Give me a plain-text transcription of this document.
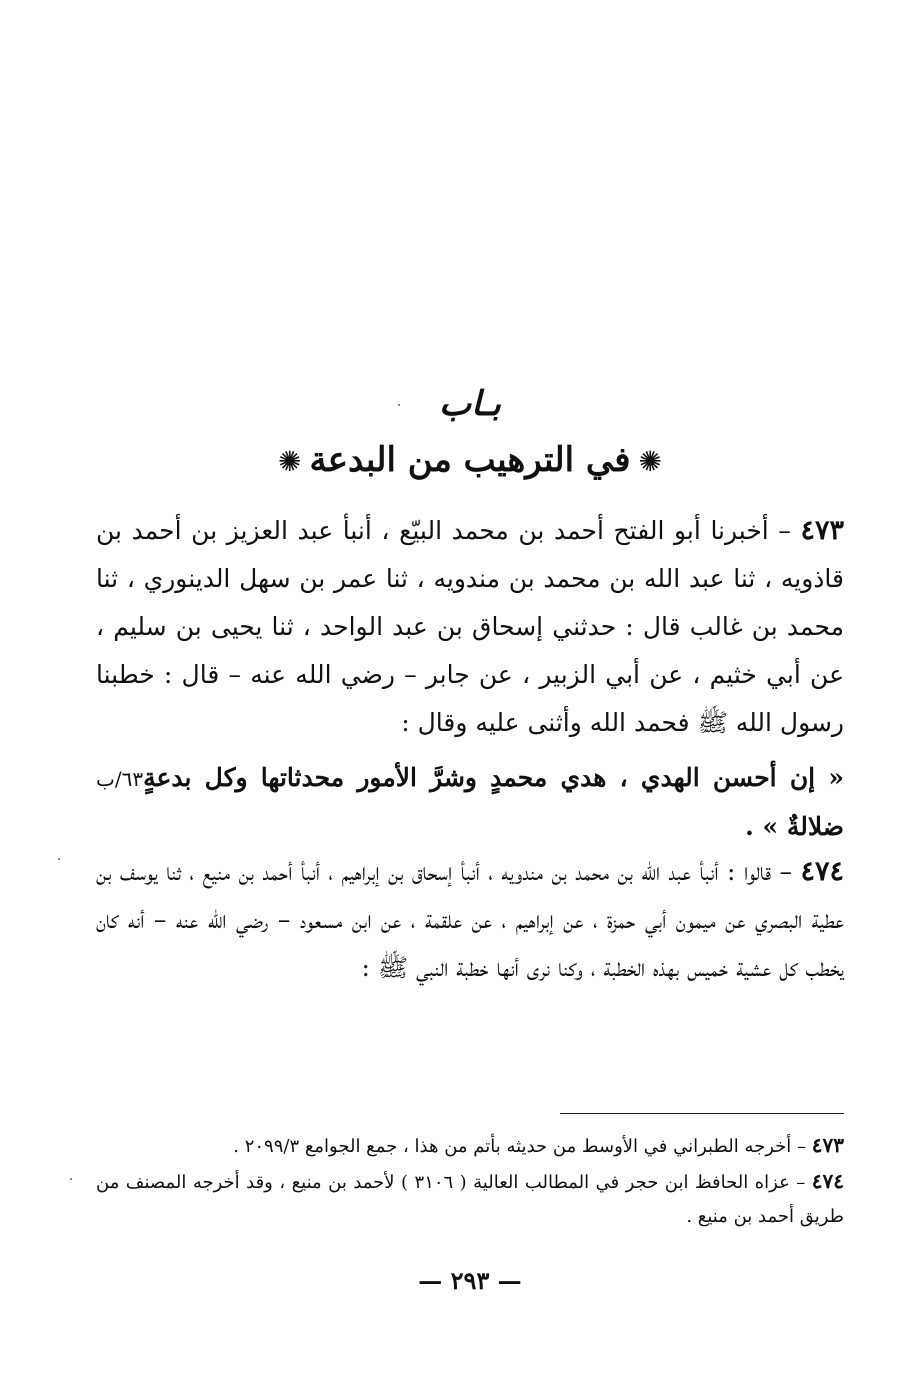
بـاب
✺في الترهيب من البدعة✺
٤٧٣ – أخبرنا أبو الفتح أحمد بن محمد البيّع ، أنبأ عبد العزيز بن أحمد بن قاذويه ، ثنا عبد الله بن محمد بن مندويه ، ثنا عمر بن سهل الدينوري ، ثنا محمد بن غالب قال : حدثني إسحاق بن عبد الواحد ، ثنا يحيى بن سليم ، عن أبي خثيم ، عن أبي الزبير ، عن جابر – رضي الله عنه – قال : خطبنا رسول الله ﷺ فحمد الله وأثنى عليه وقال :
« إن أحسن الهدي ، هدي محمدٍ وشرَّ الأمور محدثاتها وكل بدعةٍ٦٣/ب ضلالةٌ » .
٤٧٤ – قالوا : أنبأ عبد الله بن محمد بن مندويه ، أنبأ إسحاق بن إبراهيم ، أنبأ أحمد بن منيع ، ثنا يوسف بن عطية البصري عن ميمون أبي حمزة ، عن إبراهيم ، عن علقمة ، عن ابن مسعود – رضي الله عنه – أنه كان يخطب كل عشية خميس بهذه الخطبة ، وكنا نرى أنها خطبة النبي ﷺ :
٤٧٣ – أخرجه الطبراني في الأوسط من حديثه بأتم من هذا ، جمع الجوامع ٢٠٩٩/٣ .
٤٧٤ – عزاه الحافظ ابن حجر في المطالب العالية ( ٣١٠٦ ) لأحمد بن منيع ، وقد أخرجه المصنف من طريق أحمد بن منيع .
— ٢٩٣ —
